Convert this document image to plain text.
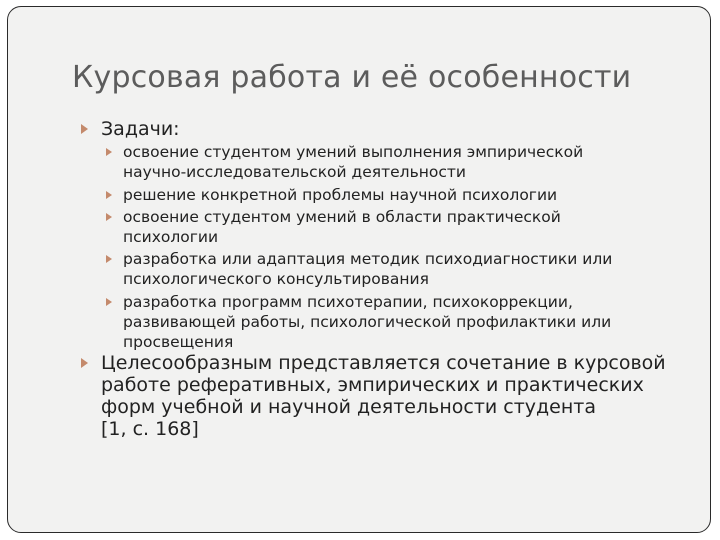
Курсовая работа и её особенности
Задачи:
освоение студентом умений выполнения эмпирической
научно-исследовательской деятельности
решение конкретной проблемы научной психологии
освоение студентом умений в области практической
психологии
разработка или адаптация методик психодиагностики или
психологического консультирования
разработка программ психотерапии, психокоррекции,
развивающей работы, психологической профилактики или
просвещения
Целесообразным представляется сочетание в курсовой
работе реферативных, эмпирических и практических
форм учебной и научной деятельности студента
[1, с. 168]
